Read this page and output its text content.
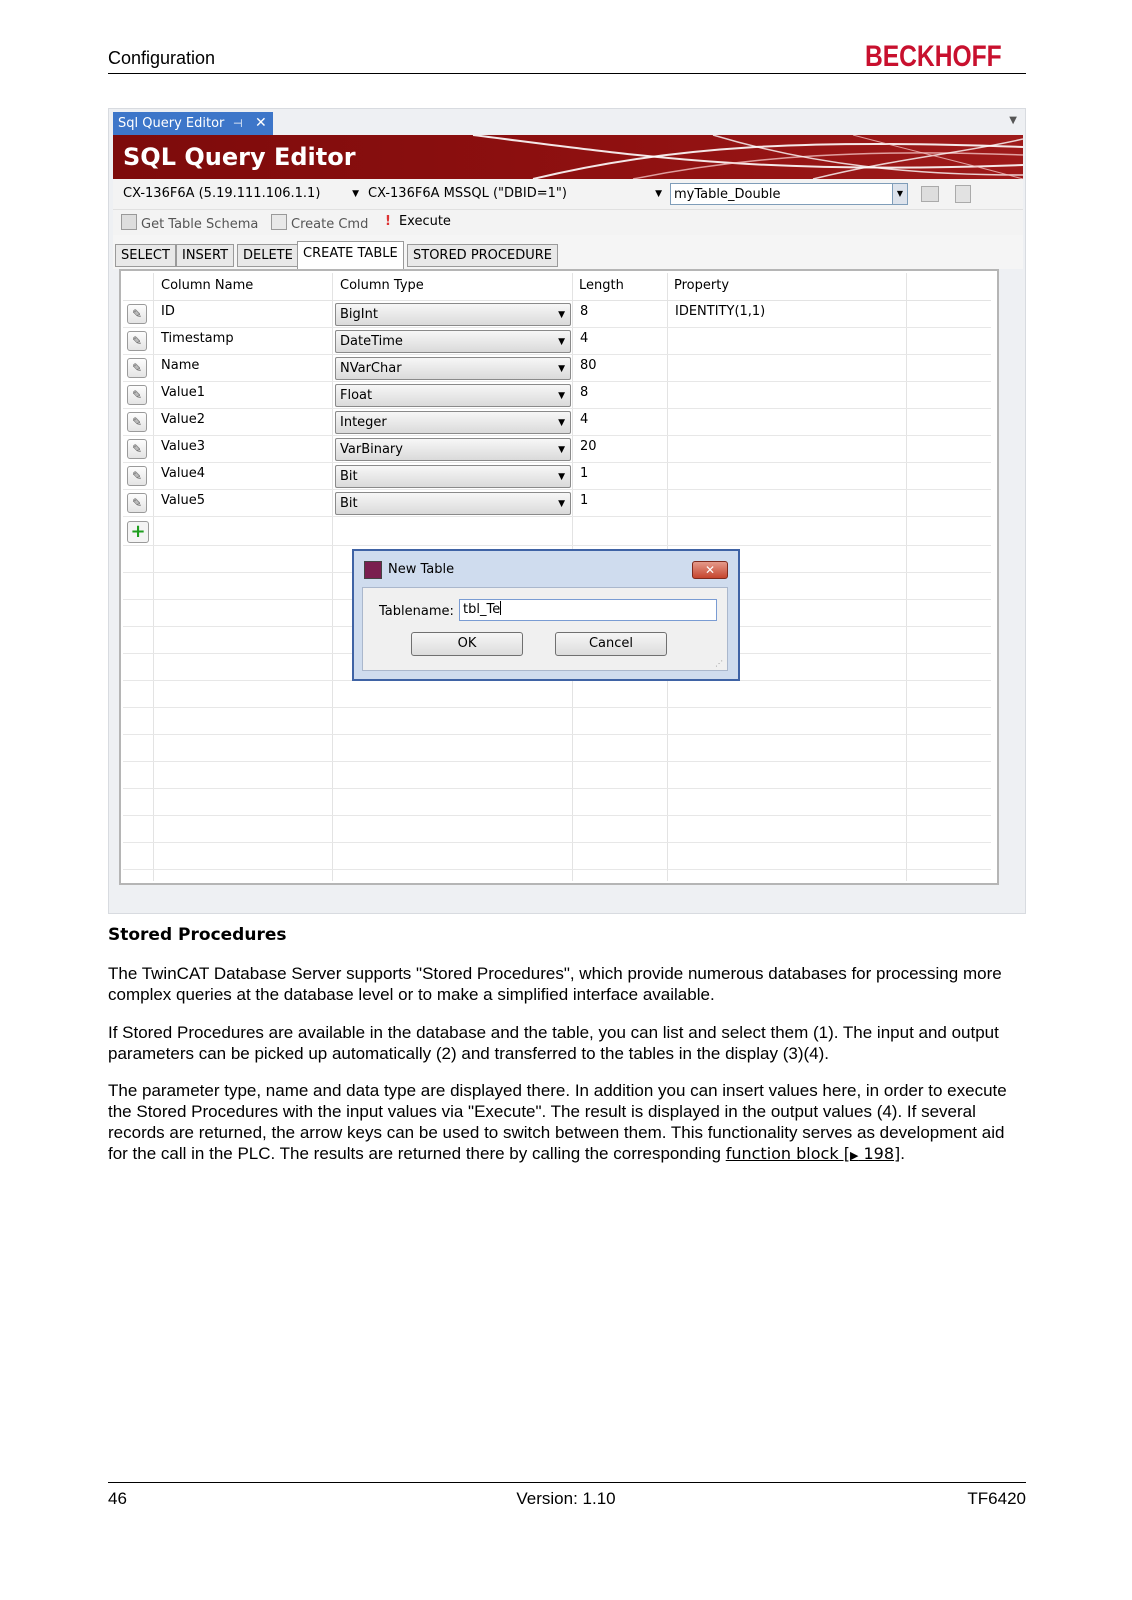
Configuration	BECKHOFF
Sql Query Editor ⊣ ✕	▼
SQL Query Editor
CX-136F6A (5.19.111.106.1.1)	▼ CX-136F6A MSSQL ("DBID=1")	▼ myTable_Double	▼
Get Table Schema	Create Cmd ! Execute
SELECT INSERT	DELETE CREATE TABLE	STORED PROCEDURE
Column Name	Column Type	Length	Property
✎	ID	BigInt	▼ 8	IDENTITY(1,1)
✎	Timestamp	DateTime	▼ 4
✎	Name	NVarChar	▼ 80
✎	Value1	Float	▼ 8
✎	Value2	Integer	▼ 4
✎	Value3	VarBinary	▼ 20
✎	Value4	Bit	▼ 1
✎	Value5	Bit	▼ 1
+
New Table	✕
Tablename: tbl_Te
OK	Cancel
⋰
Stored Procedures
The TwinCAT Database Server supports "Stored Procedures", which provide numerous databases for processing more complex queries at the database level or to make a simplified interface available.
If Stored Procedures are available in the database and the table, you can list and select them (1). The input and output parameters can be picked up automatically (2) and transferred to the tables in the display (3)(4).
The parameter type, name and data type are displayed there. In addition you can insert values here, in order to execute the Stored Procedures with the input values via "Execute". The result is displayed in the output values (4). If several records are returned, the arrow keys can be used to switch between them. This functionality serves as development aid for the call in the PLC. The results are returned there by calling the corresponding function block [▶ 198].
46	Version: 1.10	TF6420
